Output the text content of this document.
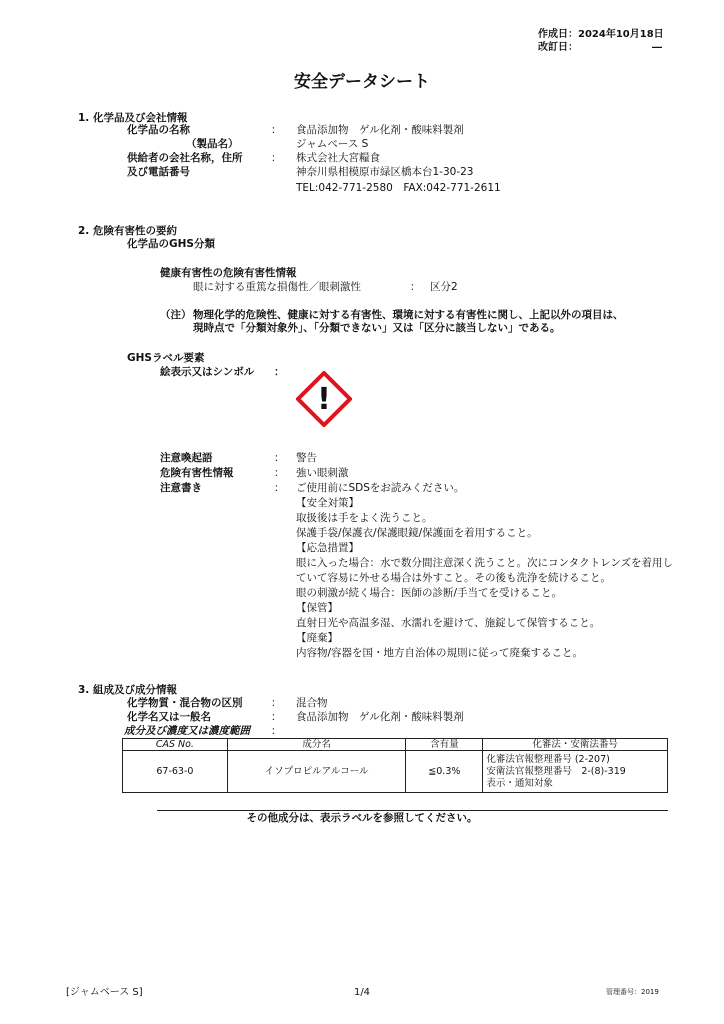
作成日：2024年10月18日
改訂日：	―
安全データシート
1. 化学品及び会社情報
化学品の名称	： 食品添加物　ゲル化剤・酸味料製剤
（製品名）	ジャムベース S
供給者の会社名称，住所	： 株式会社大宮糧食
及び電話番号	神奈川県相模原市緑区橋本台1-30-23
TEL:042-771-2580　FAX:042-771-2611
2. 危険有害性の要約
化学品のGHS分類
健康有害性の危険有害性情報
眼に対する重篤な損傷性／眼刺激性	： 区分2
（注） 物理化学的危険性、健康に対する有害性、環境に対する有害性に関し、上記以外の項目は、
現時点で「分類対象外」、「分類できない」又は「区分に該当しない」である。
GHSラベル要素
絵表示又はシンボル ：
!
注意喚起語	： 警告
危険有害性情報	： 強い眼刺激
注意書き	： ご使用前にSDSをお読みください。
【安全対策】
取扱後は手をよく洗うこと。
保護手袋/保護衣/保護眼鏡/保護面を着用すること。
【応急措置】
眼に入った場合：水で数分間注意深く洗うこと。次にコンタクトレンズを着用し
ていて容易に外せる場合は外すこと。その後も洗浄を続けること。
眼の刺激が続く場合：医師の診断/手当てを受けること。
【保管】
直射日光や高温多湿、水濡れを避けて、施錠して保管すること。
【廃棄】
内容物/容器を国・地方自治体の規則に従って廃棄すること。
3. 組成及び成分情報
化学物質・混合物の区別	： 混合物
化学名又は一般名	： 食品添加物　ゲル化剤・酸味料製剤
成分及び濃度又は濃度範囲 ：
CAS No.	成分名	含有量	化審法・安衛法番号
67-63-0	イソプロピルアルコール	≦0.3%	化審法官報整理番号 (2-207)
安衛法官報整理番号　2-(8)-319
表示・通知対象
その他成分は、表示ラベルを参照してください。
[ジャムベース S]	1/4	管理番号：2019
